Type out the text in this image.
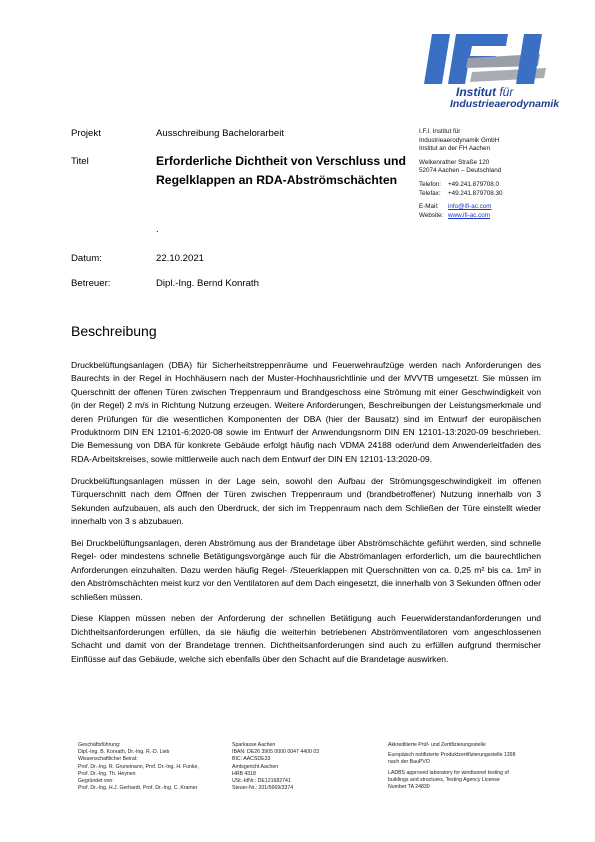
Institut für
Industrieaerodynamik
Projekt	Ausschreibung Bachelorarbeit
Titel	Erforderliche Dichtheit von Verschluss und
Regelklappen an RDA-Abströmschächten
.
Datum:	22.10.2021
Betreuer:	Dipl.-Ing. Bernd Konrath
I.F.I. Institut für
Industrieaerodynamik GmbH
Institut an der FH Aachen
Welkenrather Straße 120
52074 Aachen – Deutschland
Telefon:	+49.241.879708.0
Telefax:	+49.241.879708.30
E-Mail:	info@ifi-ac.com
Website: www.ifi-ac.com
Beschreibung

Druckbelüftungsanlagen (DBA) für Sicherheitstreppenräume und Feuerwehraufzüge werden nach Anforderungen des Baurechts in der Regel in Hochhäusern nach der Muster-Hochhausrichtlinie und der MVVTB umgesetzt. Sie müssen im Querschnitt der offenen Türen zwischen Treppenraum und Brandgeschoss eine Strömung mit einer Geschwindigkeit von (in der Regel) 2 m/s in Richtung Nutzung erzeugen. Weitere Anforderungen, Beschreibungen der Leistungsmerkmale und deren Prüfungen für die wesentlichen Komponenten der DBA (hier der Bausatz) sind im Entwurf der europäischen Produktnorm DIN EN 12101-6:2020-08 sowie im Entwurf der Anwendungsnorm DIN EN 12101-13:2020-09 beschrieben. Die Bemessung von DBA für konkrete Gebäude erfolgt häufig nach VDMA 24188 oder/und dem Anwenderleitfaden des RDA-Arbeitskreises, sowie mittlerweile auch nach dem Entwurf der DIN EN 12101-13:2020-09.

Druckbelüftungsanlagen müssen in der Lage sein, sowohl den Aufbau der Strömungsgeschwindigkeit im offenen Türquerschnitt nach dem Öffnen der Türen zwischen Treppenraum und (brandbetroffener) Nutzung innerhalb von 3 Sekunden aufzubauen, als auch den Überdruck, der sich im Treppenraum nach dem Schließen der Türe einstellt wieder innerhalb von 3 s abzubauen.

Bei Druckbelüftungsanlagen, deren Abströmung aus der Brandetage über Abströmschächte geführt werden, sind schnelle Regel- oder mindestens schnelle Betätigungsvorgänge auch für die Abströmanlagen erforderlich, um die baurechtlichen Anforderungen einzuhalten. Dazu werden häufig Regel- /Steuerklappen mit Querschnitten von ca. 0,25 m² bis ca. 1m² in den Abströmschächten meist kurz vor den Ventilatoren auf dem Dach eingesetzt, die innerhalb von 3 Sekunden öffnen oder schließen müssen.

Diese Klappen müssen neben der Anforderung der schnellen Betätigung auch Feuerwiderstandanforderungen und Dichtheitsanforderungen erfüllen, da sie häufig die weiterhin betriebenen Abströmventilatoren vom angeschlossenen Schacht und damit von der Brandetage trennen. Dichtheitsanforderungen sind auch zu erfüllen aufgrund thermischer Einflüsse auf das Gebäude, welche sich ebenfalls über den Schacht auf die Brandetage auswirken.

Geschäftsführung:
Dipl.-Ing. B. Konrath, Dr.-Ing. R.-D. Lieb
Wissenschaftlicher Beirat:
Prof. Dr.-Ing. R. Gruneinann, Prof. Dr.-Ing. H. Funke,
Prof. Dr.-Ing. Th. Heynen
Gegründet von:
Prof. Dr.-Ing. H.J. Gerhardt, Prof. Dr.-Ing. C. Kramer
Sparkasse Aachen
IBAN: DE26 3905 0000 0047 4400 03
BIC: AACSDE33
Amtsgericht Aachen
HRB 4318
USt.-IdNr.: DE121682741
Steuer-Nr.: 201/5669/3374
Akkreditierte Prüf- und Zertifizierungsstelle
Europäisch notifizierte Produktzertifizierungsstelle 1398
nach der BauPVO
LADBS approved laboratory for windtunnel testing of
buildings and structures, Testing Agency License
Number TA 24830
